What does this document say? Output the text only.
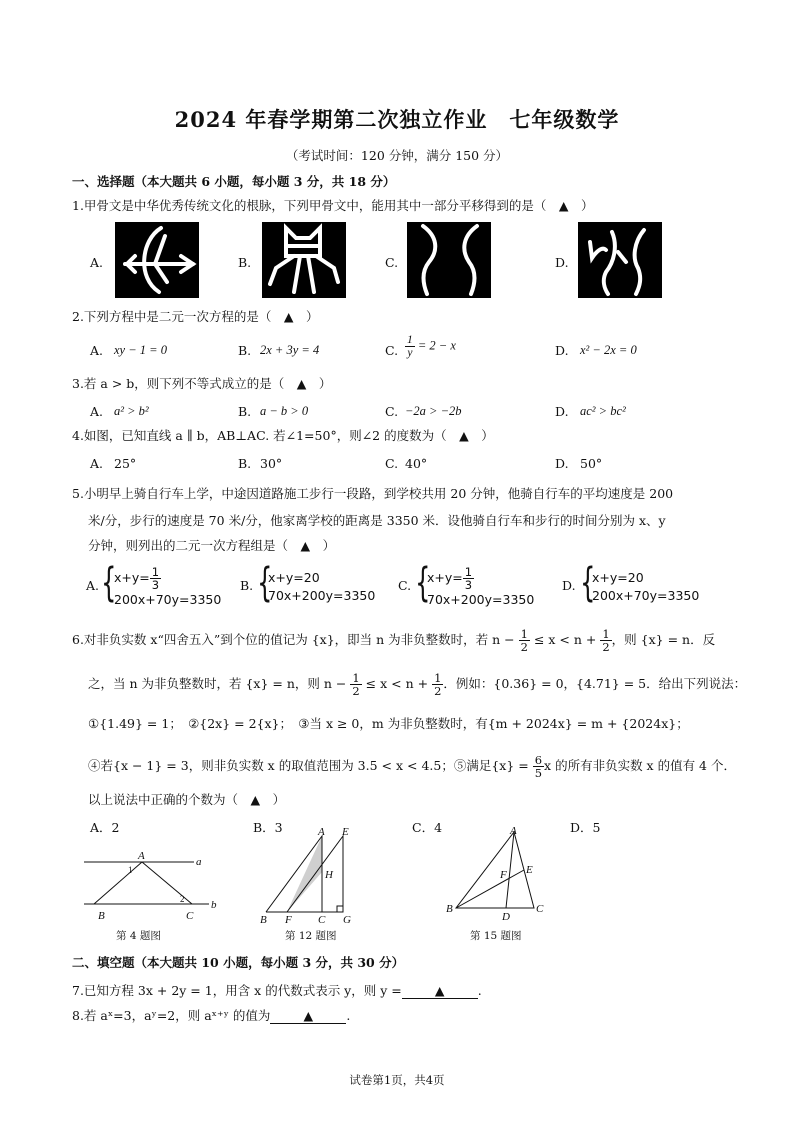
2024 年春学期第二次独立作业　七年级数学
（考试时间：120 分钟，满分 150 分）
一、选择题（本大题共 6 小题，每小题 3 分，共 18 分）
1.甲骨文是中华优秀传统文化的根脉，下列甲骨文中，能用其中一部分平移得到的是（　▲　）
A.	B.	C.	D.
2.下列方程中是二元一次方程的是（　▲　）
A. xy − 1 = 0	B. 2x + 3y = 4	C. $\frac{1}{y} = 2 - x$	D. x² − 2x = 0
3.若 a > b，则下列不等式成立的是（　▲　）
A. a² > b²	B. a − b > 0	C. −2a > −2b	D. ac² > bc²
4.如图，已知直线 a ∥ b，AB⊥AC. 若∠1=50°，则∠2 的度数为（　▲　）
A. 25°	B. 30°	C. 40°	D. 50°
5.小明早上骑自行车上学，中途因道路施工步行一段路，到学校共用 20 分钟，他骑自行车的平均速度是 200
米/分，步行的速度是 70 米/分，他家离学校的距离是 3350 米．设他骑自行车和步行的时间分别为 x、y
分钟，则列出的二元一次方程组是（　▲　）
A. {
$x+y= \frac{1}{3}$
200x+70y=3350
B. {
x+y=20
70x+200y=3350
C. {
$x+y= \frac{1}{3}$
70x+200y=3350
D. {
x+y=20
200x+70y=3350
6.对非负实数 x“四舍五入”到个位的值记为 {x}，即当 n 为非负整数时，若 $n - \frac{1}{2} \le x < n + \frac{1}{2}$ ，则 {x} = n．反
之，当 n 为非负整数时，若 {x} = n，则 $n - \frac{1}{2} \le x < n + \frac{1}{2}$ ．例如：{0.36} = 0，{4.71} = 5．给出下列说法：
①{1.49} = 1；　②{2x} = 2{x}；　③当 x ≥ 0，m 为非负整数时，有{m + 2024x} = m + {2024x}；
④若{x − 1} = 3，则非负实数 x 的取值范围为 3.5 < x < 4.5；⑤满足$\{x\} = \frac{6}{5}$ x 的所有非负实数 x 的值有 4 个．
以上说法中正确的个数为（　▲　）
A．2	B．3	C．4	D．5
A
B	C
a
b
1
2
第 4 题图
A E
H
B F C G
第 12 题图
A
E
F
B
D
C
第 15 题图
二、填空题（本大题共 10 小题，每小题 3 分，共 30 分）
7.已知方程 3x + 2y = 1，用含 x 的代数式表示 y，则 y =	▲	.
8.若 aˣ=3，aʸ=2，则 aˣ⁺ʸ 的值为	▲	.
试卷第1页，共4页
